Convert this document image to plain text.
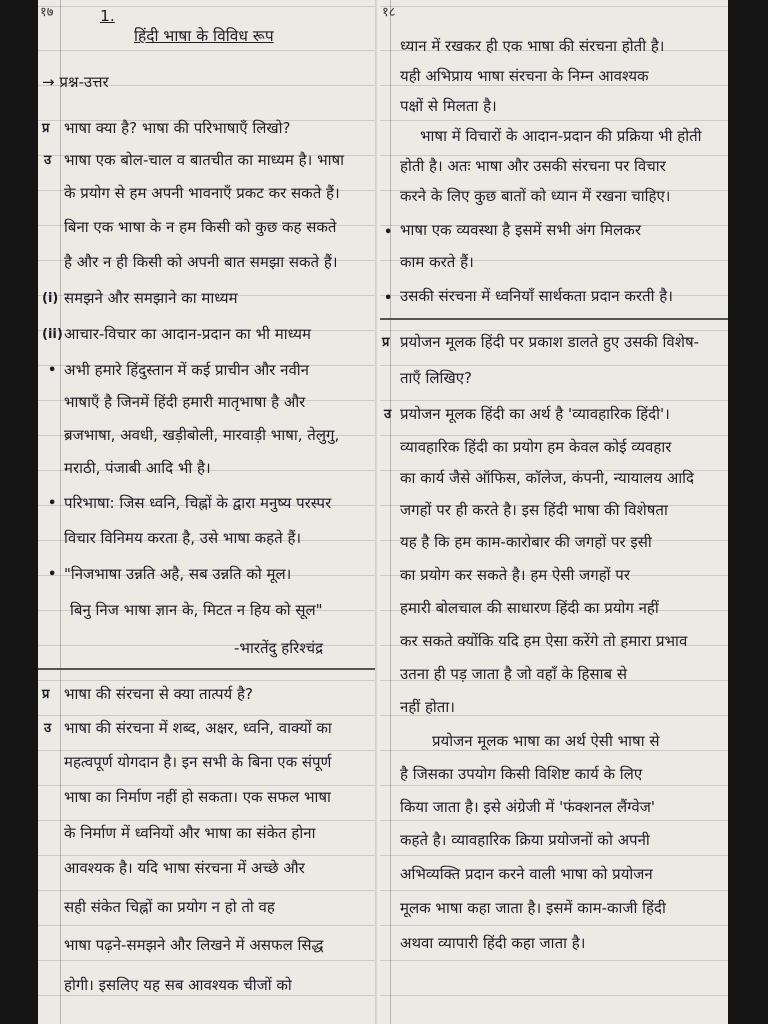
१७	1.
हिंदी भाषा के विविध रूप
→ प्रश्न-उत्तर
प्र भाषा क्या है? भाषा की परिभाषाएँ लिखो?
उ भाषा एक बोल-चाल व बातचीत का माध्यम है। भाषा
के प्रयोग से हम अपनी भावनाएँ प्रकट कर सकते हैं।
बिना एक भाषा के न हम किसी को कुछ कह सकते
है और न ही किसी को अपनी बात समझा सकते हैं।
(i) समझने और समझाने का माध्यम
(ii) आचार-विचार का आदान-प्रदान का भी माध्यम
• अभी हमारे हिंदुस्तान में कई प्राचीन और नवीन
भाषाएँ है जिनमें हिंदी हमारी मातृभाषा है और
ब्रजभाषा, अवधी, खड़ीबोली, मारवाड़ी भाषा, तेलुगु,
मराठी, पंजाबी आदि भी है।
• परिभाषा: जिस ध्वनि, चिह्नों के द्वारा मनुष्य परस्पर
विचार विनिमय करता है, उसे भाषा कहते हैं।
• "निजभाषा उन्नति अहै, सब उन्नति को मूल।
बिनु निज भाषा ज्ञान के, मिटत न हिय को सूल"
-भारतेंदु हरिश्चंद्र
प्र भाषा की संरचना से क्या तात्पर्य है?
उ भाषा की संरचना में शब्द, अक्षर, ध्वनि, वाक्यों का
महत्वपूर्ण योगदान है। इन सभी के बिना एक संपूर्ण
भाषा का निर्माण नहीं हो सकता। एक सफल भाषा
के निर्माण में ध्वनियों और भाषा का संकेत होना
आवश्यक है। यदि भाषा संरचना में अच्छे और
सही संकेत चिह्नों का प्रयोग न हो तो वह
भाषा पढ़ने-समझने और लिखने में असफल सिद्ध
होगी। इसलिए यह सब आवश्यक चीजों को
१८
ध्यान में रखकर ही एक भाषा की संरचना होती है।
यही अभिप्राय भाषा संरचना के निम्न आवश्यक
पक्षों से मिलता है।
भाषा में विचारों के आदान-प्रदान की प्रक्रिया भी होती
होती है। अतः भाषा और उसकी संरचना पर विचार
करने के लिए कुछ बातों को ध्यान में रखना चाहिए।
• भाषा एक व्यवस्था है इसमें सभी अंग मिलकर
काम करते हैं।
• उसकी संरचना में ध्वनियाँ सार्थकता प्रदान करती है।
प्र प्रयोजन मूलक हिंदी पर प्रकाश डालते हुए उसकी विशेष-
ताएँ लिखिए?
उ प्रयोजन मूलक हिंदी का अर्थ है 'व्यावहारिक हिंदी'।
व्यावहारिक हिंदी का प्रयोग हम केवल कोई व्यवहार
का कार्य जैसे ऑफिस, कॉलेज, कंपनी, न्यायालय आदि
जगहों पर ही करते है। इस हिंदी भाषा की विशेषता
यह है कि हम काम-कारोबार की जगहों पर इसी
का प्रयोग कर सकते है। हम ऐसी जगहों पर
हमारी बोलचाल की साधारण हिंदी का प्रयोग नहीं
कर सकते क्योंकि यदि हम ऐसा करेंगे तो हमारा प्रभाव
उतना ही पड़ जाता है जो वहाँ के हिसाब से
नहीं होता।
प्रयोजन मूलक भाषा का अर्थ ऐसी भाषा से
है जिसका उपयोग किसी विशिष्ट कार्य के लिए
किया जाता है। इसे अंग्रेजी में 'फंक्शनल लैंग्वेज'
कहते है। व्यावहारिक क्रिया प्रयोजनों को अपनी
अभिव्यक्ति प्रदान करने वाली भाषा को प्रयोजन
मूलक भाषा कहा जाता है। इसमें काम-काजी हिंदी
अथवा व्यापारी हिंदी कहा जाता है।
